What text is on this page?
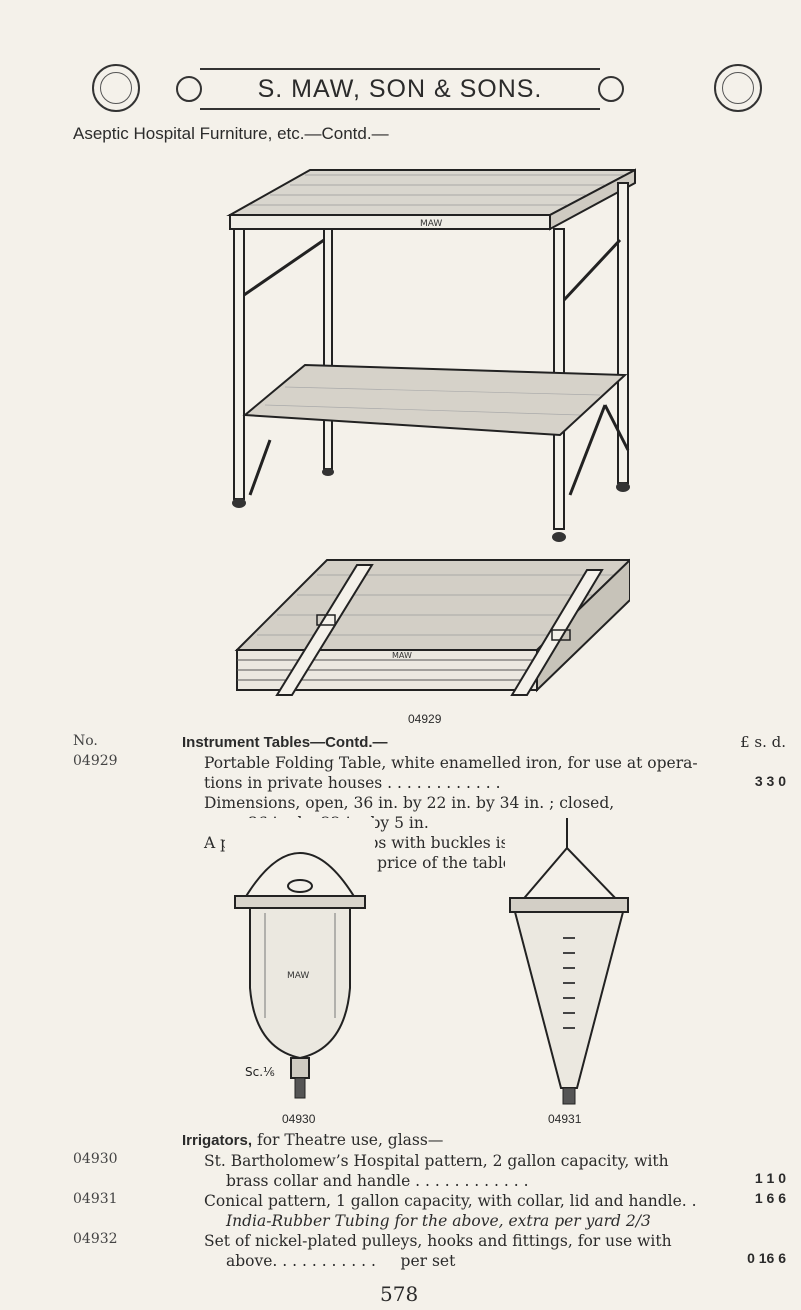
S. MAW, SON & SONS.
Aseptic Hospital Furniture, etc.—Contd.—
MAW
MAW
04929
No.	£ s. d.
04929
Instrument Tables—Contd.—

Portable Folding Table, white enamelled iron, for use at opera-
tions in private houses . . . . . . . . . . . .
Dimensions, open, 36 in. by 22 in. by 34 in. ; closed,
36 in. by 22 in. by 5 in.
A pair of leather straps with buckles is included in the
price of the table.
3 3 0
MAW
Sc.⅙
04930	04931
Irrigators, for Theatre use, glass—

St. Bartholomew’s Hospital pattern, 2 gallon capacity, with
brass collar and handle . . . . . . . . . . . .
Conical pattern, 1 gallon capacity, with collar, lid and handle. .
India-Rubber Tubing for the above, extra per yard 2/3
Set of nickel-plated pulleys, hooks and fittings, for use with
above. . . . . . . . . . . per set
04930
04931
04932
1 1 0
1 6 6
0 16 6
578
